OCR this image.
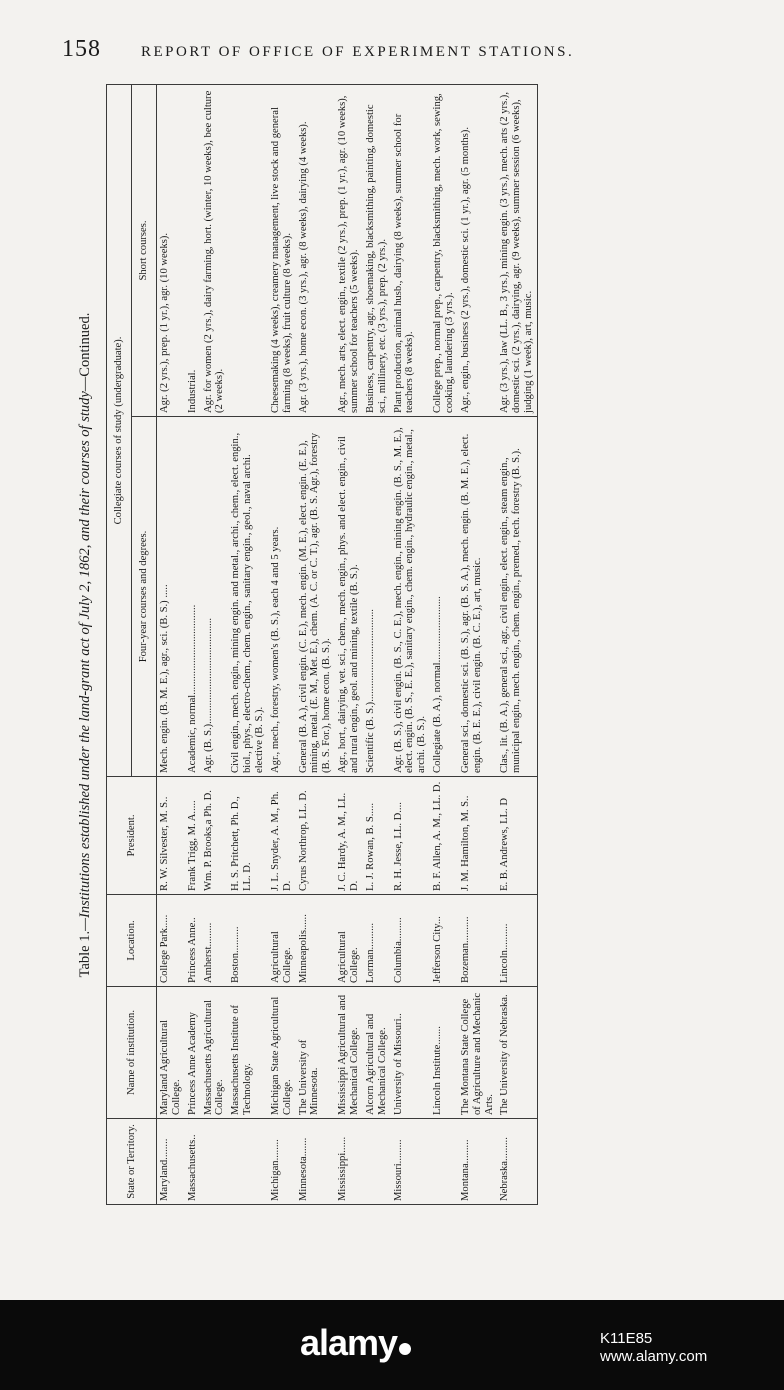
158	REPORT OF OFFICE OF EXPERIMENT STATIONS.
Table 1.—Institutions established under the land-grant act of July 2, 1862, and their courses of study—Continued.
State or Territory.	Name of institution.	Location.	President.	Collegiate courses of study (undergraduate).	
				Four-year courses and degrees.	Short courses.
Maryland........	Maryland Agricultural College.	College Park.....	R. W. Silvester, M. S..	Mech. engin. (B. M. E.), agr., sci. (B. S.) .....	Agr. (2 yrs.), prep. (1 yr.), agr. (10 weeks).
Massachusetts..	Princess Anne Academy	Princess Anne..	Frank Trigg, M. A.....	Academic, normal..................................	Industrial.
	Massachusetts Agricultural College.	Amherst.........	Wm. P. Brooks,a Ph. D.	Agr. (B. S.)........................................	Agr. for women (2 yrs.), dairy farming, hort. (winter, 10 weeks), bee culture (2 weeks).
	Massachusetts Institute of Technology.	Boston..........	H. S. Pritchett, Ph. D., LL. D.	Civil engin., mech. engin., mining engin. and metal., archi., chem., elect. engin., biol., phys., electro-chem., chem. engin., sanitary engin., geol., naval archi. elective (B. S.).	
Michigan........	Michigan State Agricultural College.	Agricultural College.	J. L. Snyder, A. M., Ph. D.	Agr., mech., forestry, women's (B. S.), each 4 and 5 years.	Cheesemaking (4 weeks), creamery management, live stock and general farming (8 weeks), fruit culture (8 weeks).
Minnesota.......	The University of Minnesota.	Minneapolis......	Cyrus Northrop, LL. D.	General (B. A.), civil engin. (C. E.), mech. engin. (M. E.), elect. engin. (E. E.), mining, metal. (E. M., Met. E.), chem. (A. C. or C. T.), agr. (B. S. Agr.), forestry (B. S. For.), home econ. (B. S.).	Agr. (3 yrs.), home econ. (3 yrs.), agr. (8 weeks), dairying (4 weeks).
Mississippi......	Mississippi Agricultural and Mechanical College.	Agricultural College.	J. C. Hardy, A. M., LL. D.	Agr., hort., dairying, vet. sci., chem., mech. engin., phys. and elect. engin., civil and rural engin., geol. and mining, textile (B. S.).	Agr., mech. arts, elect. engin., textile (2 yrs.), prep. (1 yr.), agr. (10 weeks), summer school for teachers (5 weeks).
	Alcorn Agricultural and Mechanical College.	Lorman..........	L. J. Rowan, B. S.....	Scientific (B. S.)...................................	Business, carpentry, agr., shoemaking, blacksmithing, painting, domestic sci., millinery, etc. (3 yrs.), prep. (2 yrs.).
Missouri.........	University of Missouri..	Columbia.........	R. H. Jesse, LL. D....	Agr. (B. S.), civil engin. (B. S., C. E.), mech. engin., mining engin. (B. S., M. E.), elect. engin. (B. S., E. E.), sanitary engin., chem. engin., hydraulic engin., metal., archi. (B. S.).	Plant production, animal husb., dairying (8 weeks), summer school for teachers (8 weeks).
	Lincoln Institute.......	Jefferson City...	B. F. Allen, A. M., LL. D.	Collegiate (B. A.), normal.........................	College prep., normal prep., carpentry, blacksmithing, mech. work, sewing, cooking, laundering (3 yrs.).
Montana.........	The Montana State College of Agriculture and Mechanic Arts.	Bozeman..........	J. M. Hamilton, M. S..	General sci., domestic sci. (B. S.), agr. (B. S. A.), mech. engin. (B. M. E.), elect. engin. (B. E. E.), civil engin. (B. C. E.), art, music.	Agr., engin., business (2 yrs.), domestic sci. (1 yr.), agr. (5 months).
Nebraska.........	The University of Nebraska.	Lincoln..........	E. B. Andrews, LL. D	Clas., lit. (B. A.), general sci., agr., civil engin., elect. engin., steam engin., municipal engin., mech. engin., chem. engin., premed., tech. forestry (B. S.).	Agr. (3 yrs.), law (LL. B., 3 yrs.), mining engin. (3 yrs.), mech. arts (2 yrs.), domestic sci. (2 yrs.), dairying, agr. (9 weeks), summer session (6 weeks), judging (1 week), art, music.
alamy	K11E85
www.alamy.com
